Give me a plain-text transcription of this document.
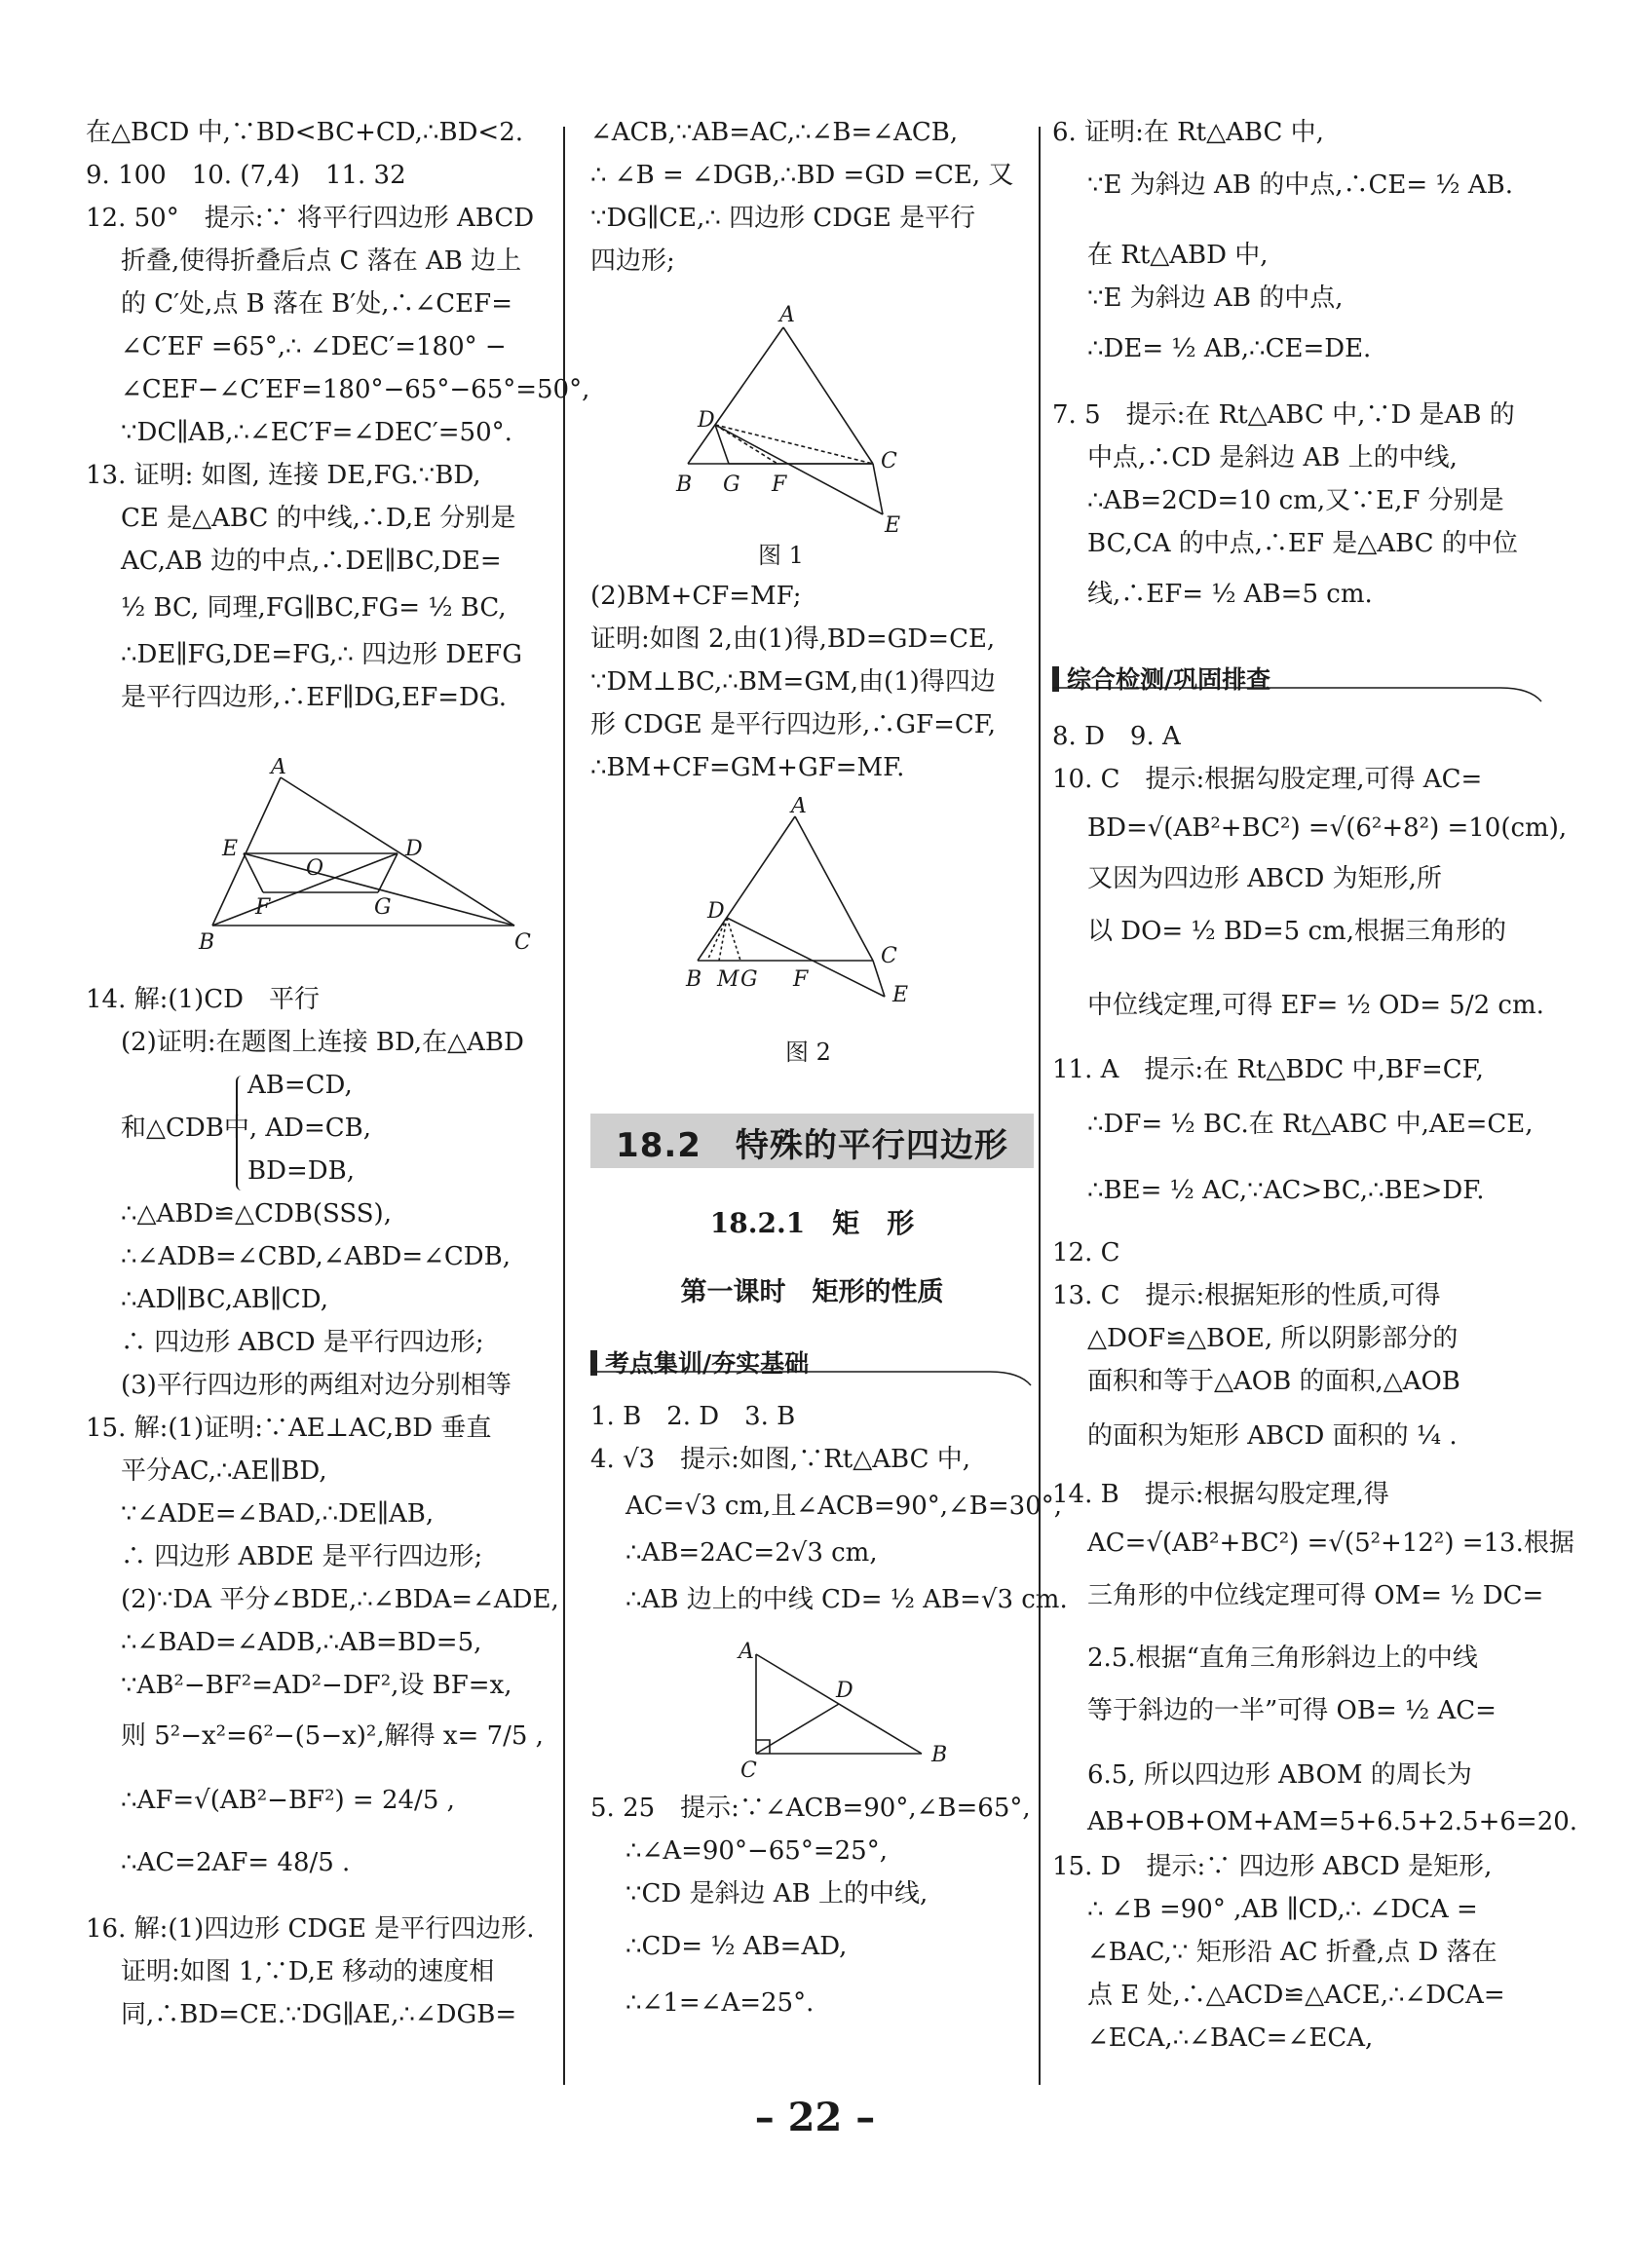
在△BCD 中,∵BD<BC+CD,∴BD<2.
9. 100　10. (7,4)　11. 32
12. 50°　提示:∵ 将平行四边形 ABCD
折叠,使得折叠后点 C 落在 AB 边上
的 C′处,点 B 落在 B′处,∴∠CEF=
∠C′EF =65°,∴ ∠DEC′=180° −
∠CEF−∠C′EF=180°−65°−65°=50°,
∵DC∥AB,∴∠EC′F=∠DEC′=50°.
13. 证明: 如图, 连接 DE,FG.∵BD,
CE 是△ABC 的中线,∴D,E 分别是
AC,AB 边的中点,∴DE∥BC,DE=
½ BC, 同理,FG∥BC,FG= ½ BC,
∴DE∥FG,DE=FG,∴ 四边形 DEFG
是平行四边形,∴EF∥DG,EF=DG.
A
E	D
O
F	G
B	C
14. 解:(1)CD　平行
(2)证明:在题图上连接 BD,在△ABD
AB=CD,
和△CDB中, AD=CB,
BD=DB,
∴△ABD≌△CDB(SSS),
∴∠ADB=∠CBD,∠ABD=∠CDB,
∴AD∥BC,AB∥CD,
∴ 四边形 ABCD 是平行四边形;
(3)平行四边形的两组对边分别相等
15. 解:(1)证明:∵AE⊥AC,BD 垂直
平分AC,∴AE∥BD,
∵∠ADE=∠BAD,∴DE∥AB,
∴ 四边形 ABDE 是平行四边形;
(2)∵DA 平分∠BDE,∴∠BDA=∠ADE,
∴∠BAD=∠ADB,∴AB=BD=5,
∵AB²−BF²=AD²−DF²,设 BF=x,
则 5²−x²=6²−(5−x)²,解得 x= 7/5 ,
∴AF=√(AB²−BF²) = 24/5 ,
∴AC=2AF= 48/5 .
16. 解:(1)四边形 CDGE 是平行四边形.
证明:如图 1,∵D,E 移动的速度相
同,∴BD=CE.∵DG∥AE,∴∠DGB=
∠ACB,∵AB=AC,∴∠B=∠ACB,
∴ ∠B = ∠DGB,∴BD =GD =CE, 又
∵DG∥CE,∴ 四边形 CDGE 是平行
四边形;
A
D
C
B G F
E
图 1
(2)BM+CF=MF;
证明:如图 2,由(1)得,BD=GD=CE,
∵DM⊥BC,∴BM=GM,由(1)得四边
形 CDGE 是平行四边形,∴GF=CF,
∴BM+CF=GM+GF=MF.
A
D
C
B M G F
E
图 2
18.2　特殊的平行四边形
18.2.1　矩　形
第一课时　矩形的性质
考点集训/夯实基础
1. B　2. D　3. B
4. √3　提示:如图,∵Rt△ABC 中,
AC=√3 cm,且∠ACB=90°,∠B=30°,
∴AB=2AC=2√3 cm,
∴AB 边上的中线 CD= ½ AB=√3 cm.
A
D
C
B
5. 25　提示:∵∠ACB=90°,∠B=65°,
∴∠A=90°−65°=25°,
∵CD 是斜边 AB 上的中线,
∴CD= ½ AB=AD,
∴∠1=∠A=25°.
6. 证明:在 Rt△ABC 中,
∵E 为斜边 AB 的中点,∴CE= ½ AB.
在 Rt△ABD 中,
∵E 为斜边 AB 的中点,
∴DE= ½ AB,∴CE=DE.
7. 5　提示:在 Rt△ABC 中,∵D 是AB 的
中点,∴CD 是斜边 AB 上的中线,
∴AB=2CD=10 cm,又∵E,F 分别是
BC,CA 的中点,∴EF 是△ABC 的中位
线,∴EF= ½ AB=5 cm.
综合检测/巩固排查
8. D　9. A
10. C　提示:根据勾股定理,可得 AC=
BD=√(AB²+BC²) =√(6²+8²) =10(cm),
又因为四边形 ABCD 为矩形,所
以 DO= ½ BD=5 cm,根据三角形的
中位线定理,可得 EF= ½ OD= 5/2 cm.
11. A　提示:在 Rt△BDC 中,BF=CF,
∴DF= ½ BC.在 Rt△ABC 中,AE=CE,
∴BE= ½ AC,∵AC>BC,∴BE>DF.
12. C
13. C　提示:根据矩形的性质,可得
△DOF≌△BOE, 所以阴影部分的
面积和等于△AOB 的面积,△AOB
的面积为矩形 ABCD 面积的 ¼ .
14. B　提示:根据勾股定理,得
AC=√(AB²+BC²) =√(5²+12²) =13.根据
三角形的中位线定理可得 OM= ½ DC=
2.5.根据“直角三角形斜边上的中线
等于斜边的一半”可得 OB= ½ AC=
6.5, 所以四边形 ABOM 的周长为
AB+OB+OM+AM=5+6.5+2.5+6=20.
15. D　提示:∵ 四边形 ABCD 是矩形,
∴ ∠B =90° ,AB ∥CD,∴ ∠DCA =
∠BAC,∵ 矩形沿 AC 折叠,点 D 落在
点 E 处,∴△ACD≌△ACE,∴∠DCA=
∠ECA,∴∠BAC=∠ECA,
– 22 –
